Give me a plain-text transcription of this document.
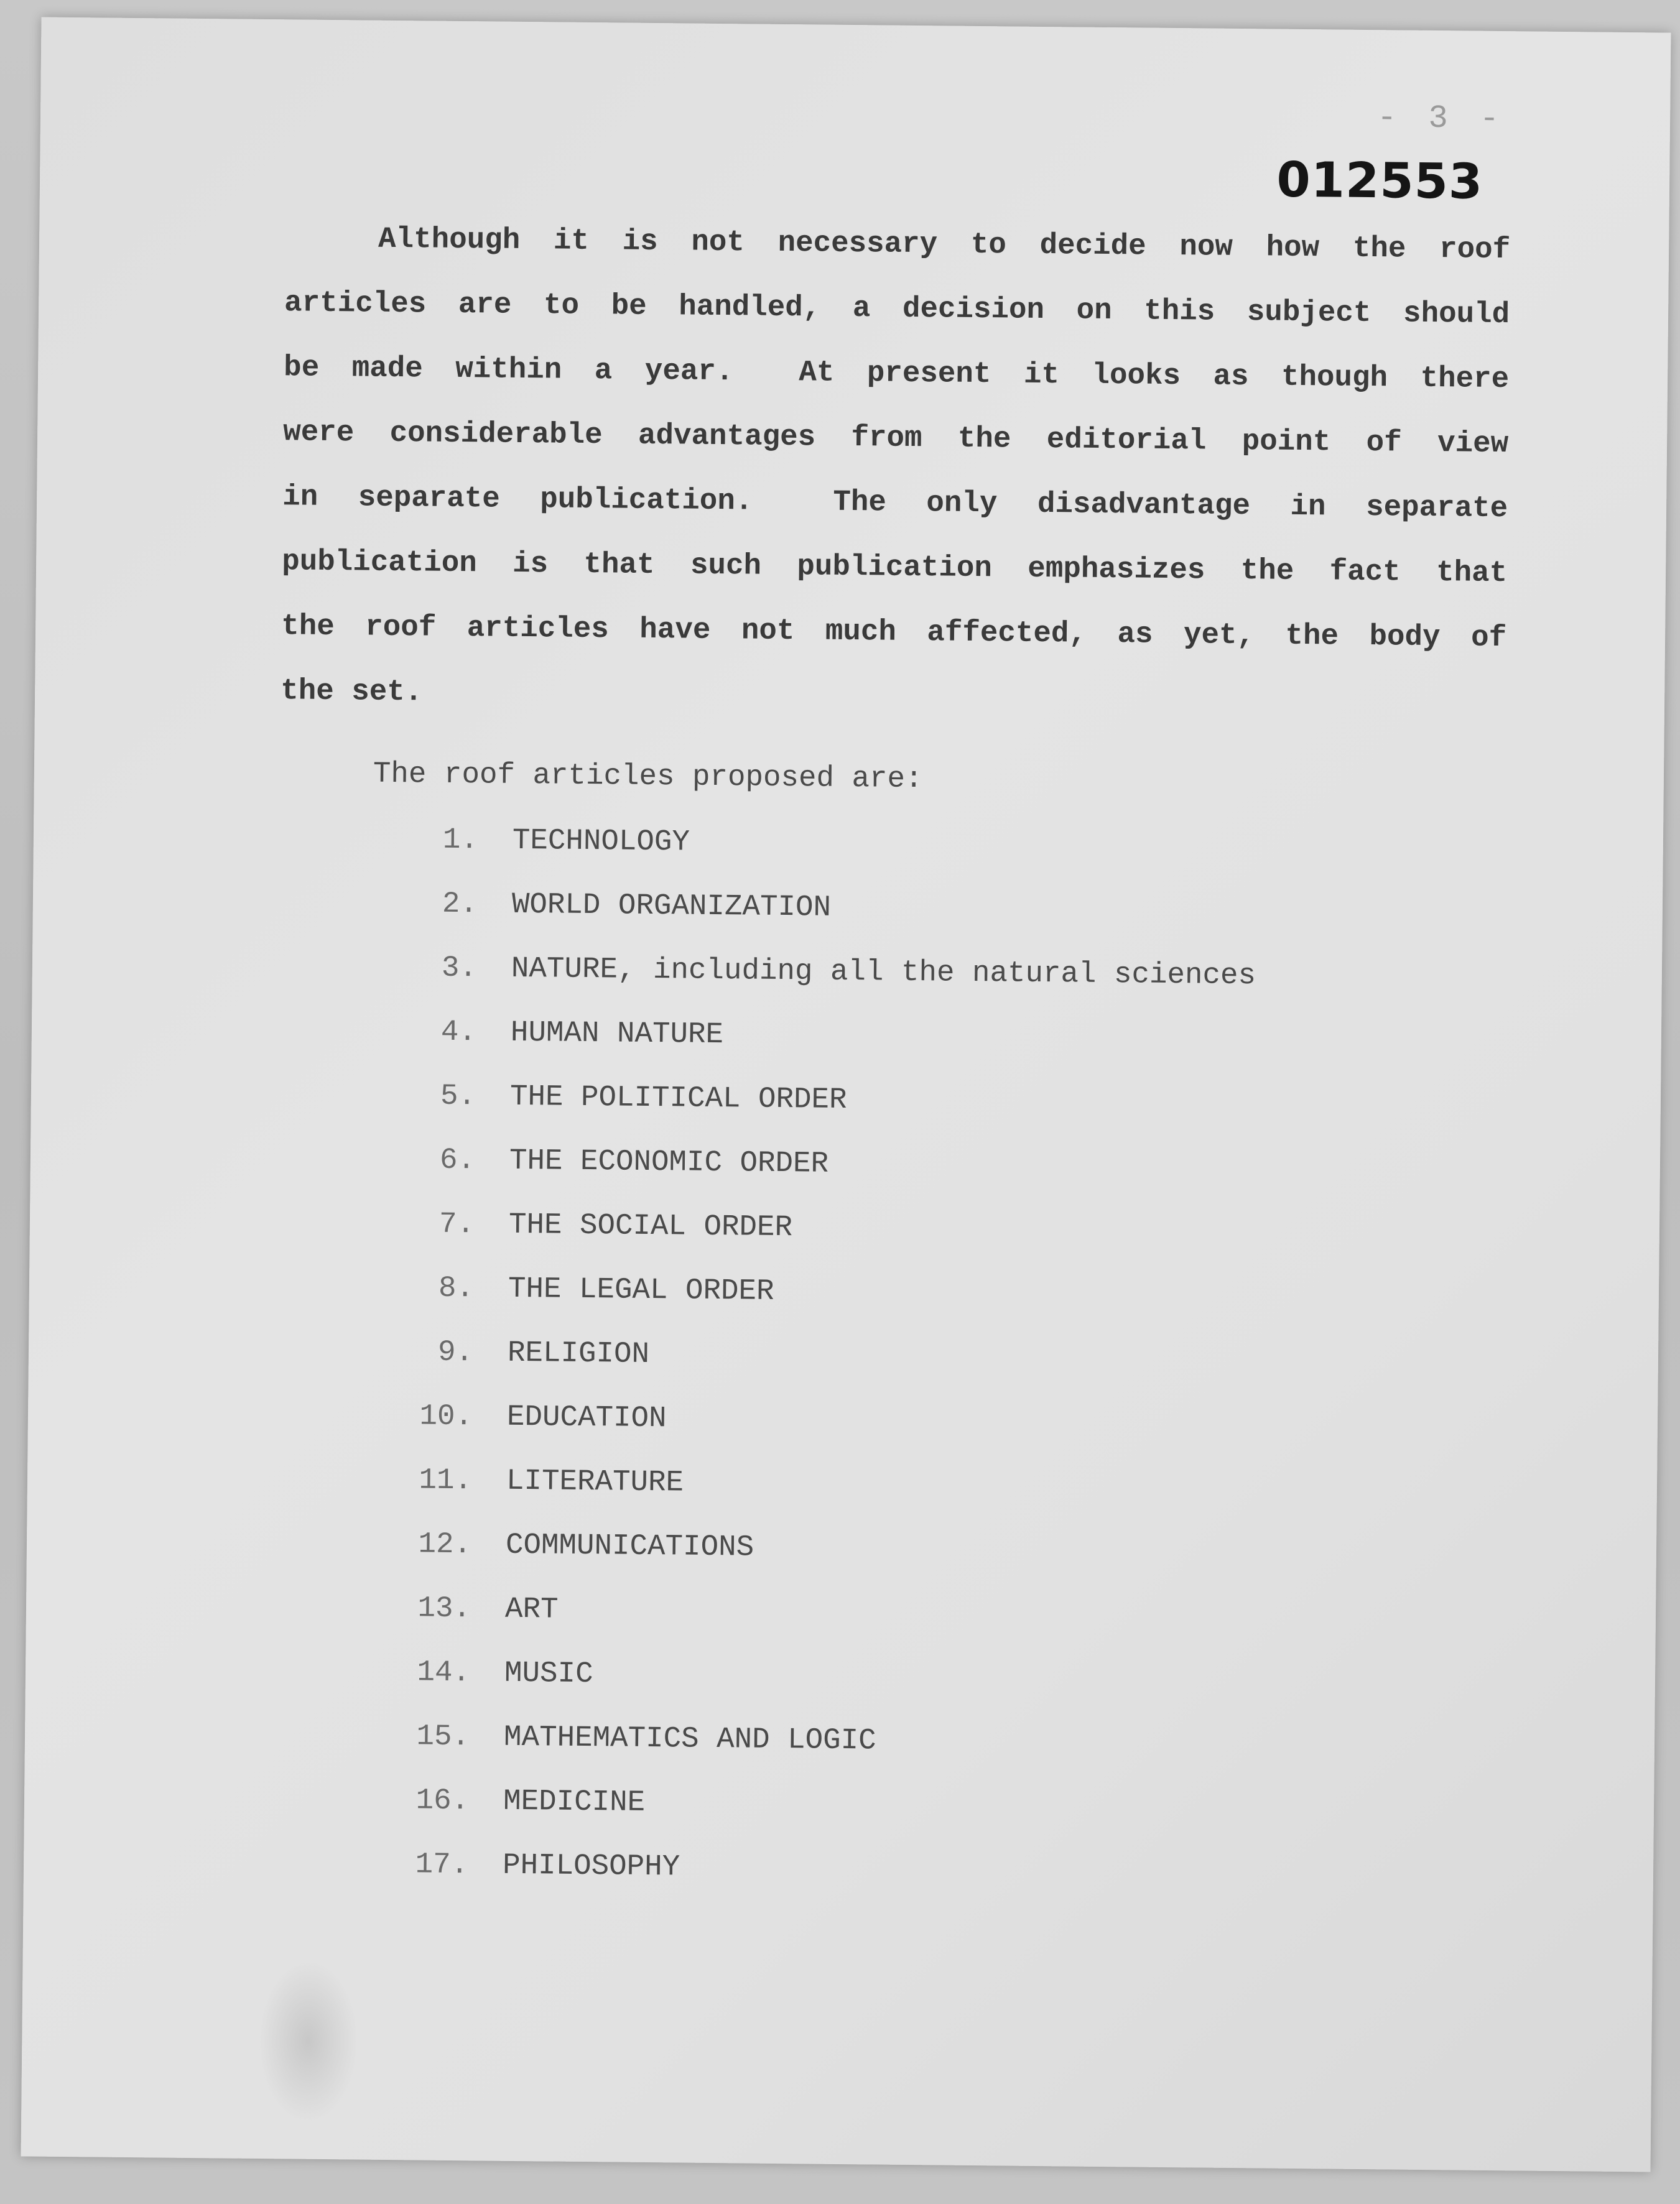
- 3 -
012553
Although it is not necessary to decide now how the roof
articles are to be handled, a decision on this subject should
be made within a year.  At present it looks as though there
were considerable advantages from the editorial point of view
in separate publication.  The only disadvantage in separate
publication is that such publication emphasizes the fact that
the roof articles have not much affected, as yet, the body of
the set.

The roof articles proposed are:

1.	TECHNOLOGY
2.	WORLD ORGANIZATION
3.	NATURE, including all the natural sciences
4.	HUMAN NATURE
5.	THE POLITICAL ORDER
6.	THE ECONOMIC ORDER
7.	THE SOCIAL ORDER
8.	THE LEGAL ORDER
9.	RELIGION
10.	EDUCATION
11.	LITERATURE
12.	COMMUNICATIONS
13.	ART
14.	MUSIC
15.	MATHEMATICS AND LOGIC
16.	MEDICINE
17.	PHILOSOPHY
